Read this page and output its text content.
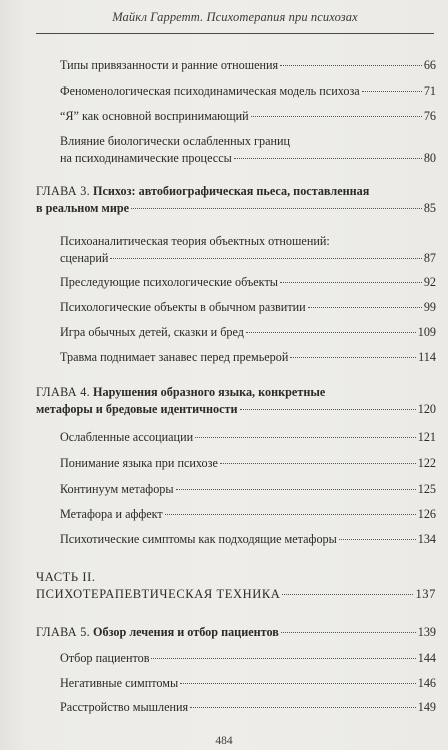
Майкл Гарретт. Психотерапия при психозах
Типы привязанности и ранние отношения	66
Феноменологическая психодинамическая модель психоза	71
“Я” как основной воспринимающий	76
Влияние биологически ослабленных границ
на психодинамические процессы	80
ГЛАВА 3. Психоз: автобиографическая пьеса, поставленная
в реальном мире	85
Психоаналитическая теория объектных отношений:
сценарий	87
Преследующие психологические объекты	92
Психологические объекты в обычном развитии	99
Игра обычных детей, сказки и бред	109
Травма поднимает занавес перед премьерой	114
ГЛАВА 4. Нарушения образного языка, конкретные
метафоры и бредовые идентичности	120
Ослабленные ассоциации	121
Понимание языка при психозе	122
Континуум метафоры	125
Метафора и аффект	126
Психотические симптомы как подходящие метафоры	134
ЧАСТЬ II.
ПСИХОТЕРАПЕВТИЧЕСКАЯ ТЕХНИКА	137
ГЛАВА 5. Обзор лечения и отбор пациентов	139
Отбор пациентов	144
Негативные симптомы	146
Расстройство мышления	149
484
